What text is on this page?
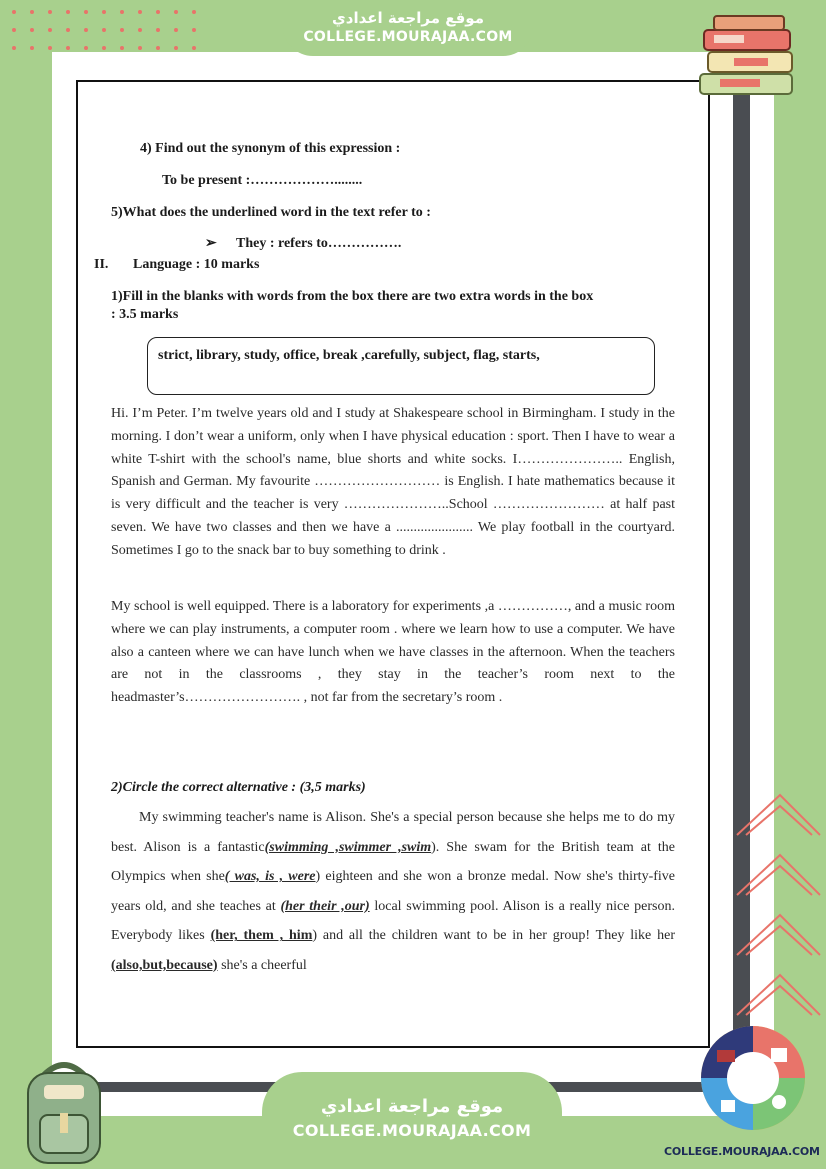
موقع مراجعة اعدادي
COLLEGE.MOURAJAA.COM
موقع مراجعة اعدادي
COLLEGE.MOURAJAA.COM
COLLEGE.MOURAJAA.COM
4) Find out the synonym of this expression :
To be present :………………........
5)What does the underlined word in the text refer to :
➢ They : refers to…………….
II. Language : 10 marks
1)Fill in the blanks with words from the box there are two extra words in the box
: 3.5 marks
strict, library, study, office, break ,carefully, subject, flag, starts,
Hi. I’m Peter. I’m twelve years old and I study at Shakespeare school in Birmingham. I study in the morning. I don’t wear a uniform, only when I have physical education : sport. Then I have to wear a white T-shirt with the school's name, blue shorts and white socks. I………………….. English, Spanish and German. My favourite ……………………… is English. I hate mathematics because it is very difficult and the teacher is very …………………..School …………………… at half past seven. We have two classes and then we have a ...................... We play football in the courtyard. Sometimes I go to the snack bar to buy something to drink .
My school is well equipped. There is a laboratory for experiments ,a ……………, and a music room where we can play instruments, a computer room . where we learn how to use a computer. We have also a canteen where we can have lunch when we have classes in the afternoon. When the teachers are not in the classrooms , they stay in the teacher’s room next to the headmaster’s……………………. , not far from the secretary’s room .
2)Circle the correct alternative : (3,5 marks)
My swimming teacher's name is Alison. She's a special person because she helps me to do my best. Alison is a fantastic(swimming ,swimmer ,swim). She swam for the British team at the Olympics when she( was, is , were) eighteen and she won a bronze medal. Now she's thirty-five years old, and she teaches at (her their ,our) local swimming pool. Alison is a really nice person. Everybody likes (her, them , him) and all the children want to be in her group! They like her (also,but,because) she's a cheerful
